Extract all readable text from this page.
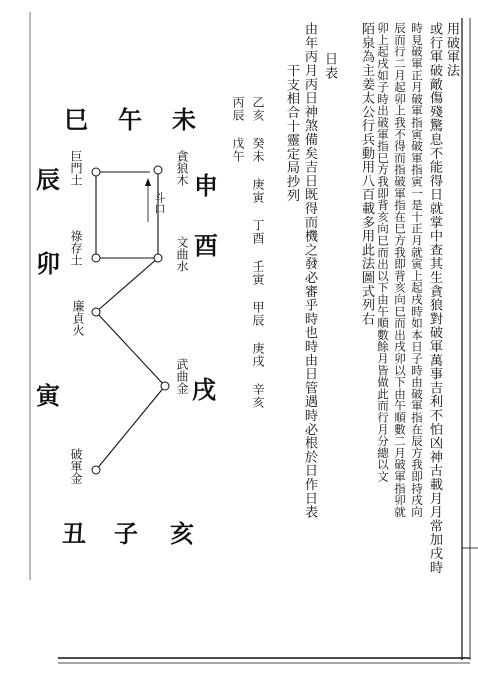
用破軍法
或行軍破敵傷殘驚息不能得日就掌中查其生貪狼對破軍萬事吉利不怕凶神古載月月常加戌時
時見破軍正月破軍指寅破軍指寅一是十正月就寅上起戌時如本日子時由破軍指在辰方我即持戌向
辰而行二月起卯上我不得而指破軍指在巳方我即背亥向巳而出戌卯以下由午順數二月破軍指卯就
卯上起戌如子時出破軍指巳方我即背亥向巳而出以下由午順數餘月皆做此而行月分總以文
陌泉為主姜太公行兵動用八百載多用此法圖式列右
日表
由年丙月丙日神煞備矣吉日既得而機之發必審乎時也時由日管遇時必根於日作日表
干支相合十靈定局抄列
乙亥 癸未 庚寅 丁酉 壬寅 甲辰 庚戌 辛亥
丙辰 戊午
巳 午 未
辰	申
卯
酉
寅	戌
丑 子 亥
巨門土
祿存土
廉貞火
破軍金
貪狼木
文曲水
武曲金
斗口
